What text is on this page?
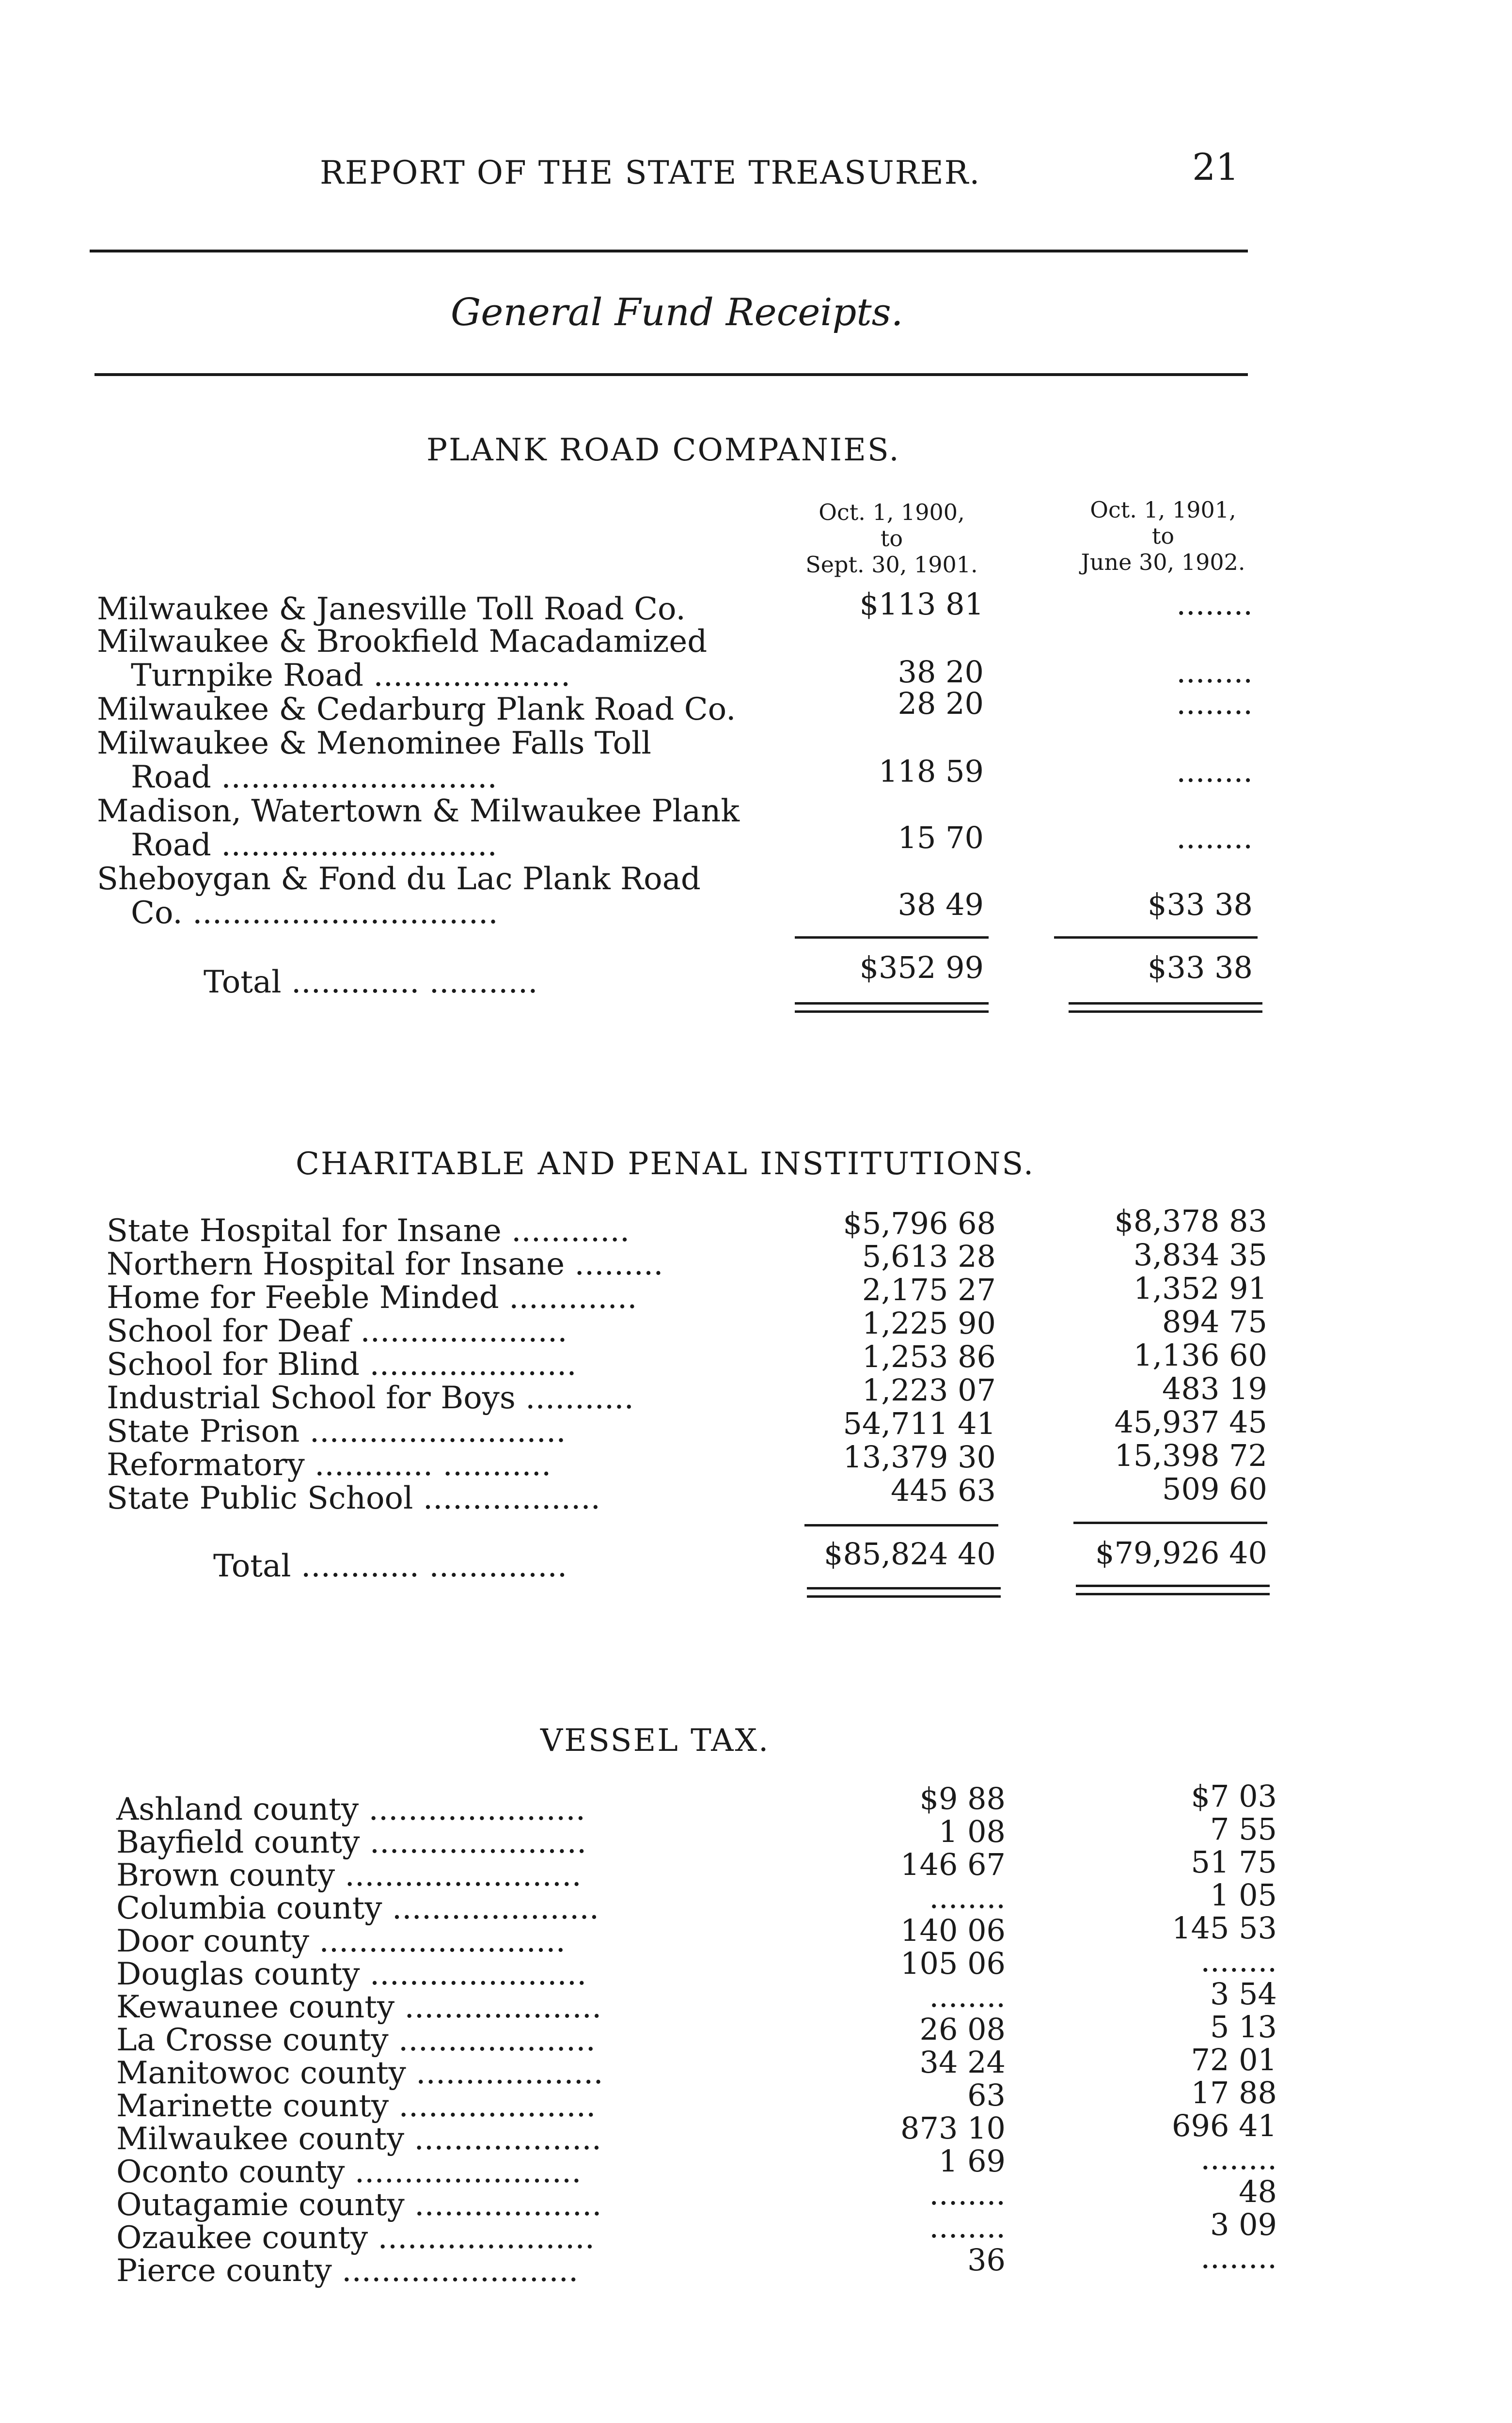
REPORT OF THE STATE TREASURER.	21
General Fund Receipts.
PLANK ROAD COMPANIES.
Oct. 1, 1900,
to
Sept. 30, 1901.
Oct. 1, 1901,
to
June 30, 1902.
Milwaukee & Janesville Toll Road Co.	$113 81	........
Milwaukee & Brookfield Macadamized
Turnpike Road ....................	38 20	........
Milwaukee & Cedarburg Plank Road Co.	28 20	........
Milwaukee & Menominee Falls Toll
Road ............................	118 59	........
Madison, Watertown & Milwaukee Plank
Road ............................	15 70	........
Sheboygan & Fond du Lac Plank Road
Co. ...............................	38 49	$33 38
Total ............. ...........	$352 99	$33 38
CHARITABLE AND PENAL INSTITUTIONS.
State Hospital for Insane ............	$5,796 68	$8,378 83
Northern Hospital for Insane .........	5,613 28	3,834 35
Home for Feeble Minded .............	2,175 27	1,352 91
School for Deaf .....................	1,225 90	894 75
School for Blind .....................	1,253 86	1,136 60
Industrial School for Boys ...........	1,223 07	483 19
State Prison ..........................	54,711 41	45,937 45
Reformatory ............ ...........	13,379 30	15,398 72
State Public School ..................	445 63	509 60
Total ............ ..............	$85,824 40	$79,926 40
VESSEL TAX.
Ashland county ......................	$9 88	$7 03
Bayfield county ......................	1 08	7 55
Brown county ........................	146 67	51 75
Columbia county .....................	........	1 05
Door county .........................	140 06	145 53
Douglas county ......................	105 06	........
Kewaunee county ....................	........	3 54
La Crosse county ....................	26 08	5 13
Manitowoc county ...................	34 24	72 01
Marinette county ....................	63	17 88
Milwaukee county ...................	873 10	696 41
Oconto county .......................	1 69	........
Outagamie county ...................	........	48
Ozaukee county ......................	........	3 09
Pierce county ........................	36	........
